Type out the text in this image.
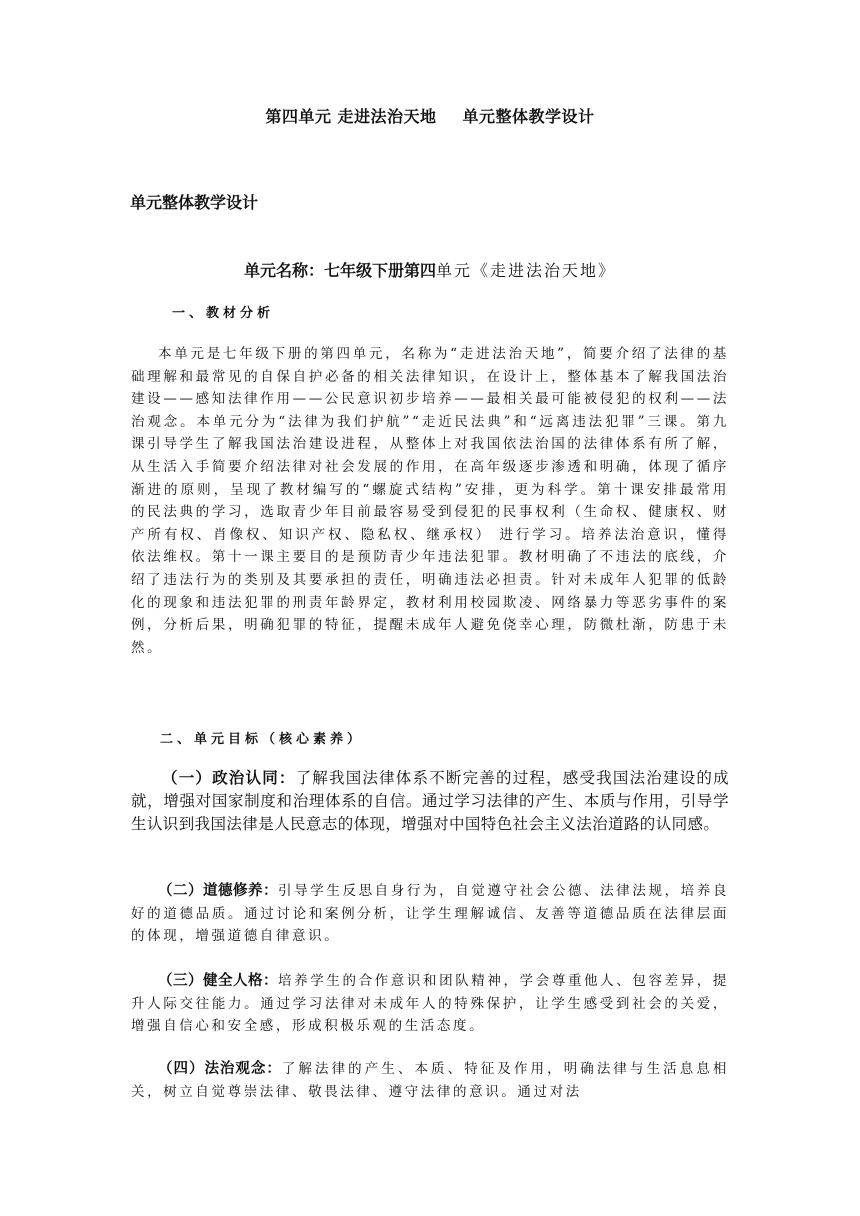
第四单元 走进法治天地 单元整体教学设计
单元整体教学设计
单元名称：七年级下册第四单元《走进法治天地》
一、教材分析

本单元是七年级下册的第四单元，名称为“走进法治天地”，简要介绍了法律的基础理解和最常见的自保自护必备的相关法律知识，在设计上，整体基本了解我国法治建设——感知法律作用——公民意识初步培养——最相关最可能被侵犯的权利——法治观念。本单元分为“法律为我们护航”“走近民法典”和“远离违法犯罪”三课。第九课引导学生了解我国法治建设进程，从整体上对我国依法治国的法律体系有所了解，从生活入手简要介绍法律对社会发展的作用，在高年级逐步渗透和明确，体现了循序渐进的原则，呈现了教材编写的“螺旋式结构”安排，更为科学。第十课安排最常用的民法典的学习，选取青少年目前最容易受到侵犯的民事权利（生命权、健康权、财产所有权、肖像权、知识产权、隐私权、继承权） 进行学习。培养法治意识，懂得依法维权。第十一课主要目的是预防青少年违法犯罪。教材明确了不违法的底线，介绍了违法行为的类别及其要承担的责任，明确违法必担责。针对未成年人犯罪的低龄化的现象和违法犯罪的刑责年龄界定，教材利用校园欺凌、网络暴力等恶劣事件的案例，分析后果，明确犯罪的特征，提醒未成年人避免侥幸心理，防微杜渐，防患于未然。

二、单元目标（核心素养）

（一）政治认同：了解我国法律体系不断完善的过程，感受我国法治建设的成就，增强对国家制度和治理体系的自信。通过学习法律的产生、本质与作用，引导学生认识到我国法律是人民意志的体现，增强对中国特色社会主义法治道路的认同感。

（二）道德修养：引导学生反思自身行为，自觉遵守社会公德、法律法规，培养良好的道德品质。通过讨论和案例分析，让学生理解诚信、友善等道德品质在法律层面的体现，增强道德自律意识。

（三）健全人格：培养学生的合作意识和团队精神，学会尊重他人、包容差异，提升人际交往能力。通过学习法律对未成年人的特殊保护，让学生感受到社会的关爱，增强自信心和安全感，形成积极乐观的生活态度。

（四）法治观念：了解法律的产生、本质、特征及作用，明确法律与生活息息相关，树立自觉尊崇法律、敬畏法律、遵守法律的意识。通过对法
